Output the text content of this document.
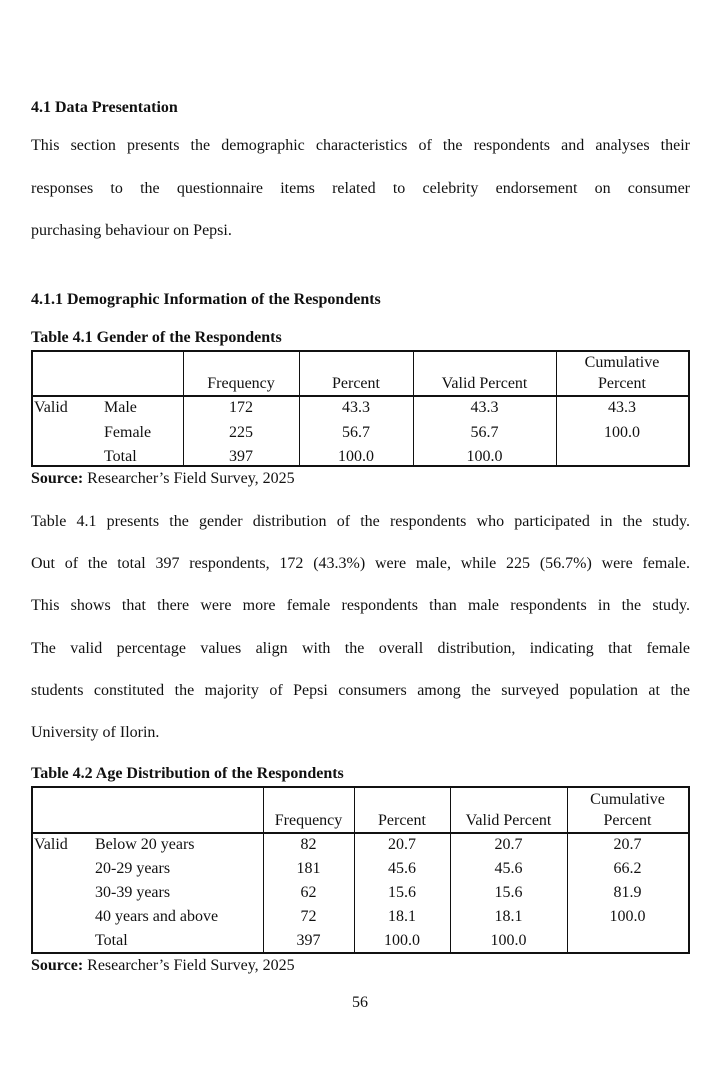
4.1 Data Presentation
This section presents the demographic characteristics of the respondents and analyses their
responses to the questionnaire items related to celebrity endorsement on consumer
purchasing behaviour on Pepsi.
4.1.1 Demographic Information of the Respondents
Table 4.1 Gender of the Respondents
Frequency	Percent	Valid Percent
Cumulative
Percent
Valid Male	172	43.3	43.3	43.3
Female	225	56.7	56.7	100.0
Total	397	100.0	100.0
Source: Researcher’s Field Survey, 2025
Table 4.1 presents the gender distribution of the respondents who participated in the study.
Out of the total 397 respondents, 172 (43.3%) were male, while 225 (56.7%) were female.
This shows that there were more female respondents than male respondents in the study.
The valid percentage values align with the overall distribution, indicating that female
students constituted the majority of Pepsi consumers among the surveyed population at the
University of Ilorin.
Table 4.2 Age Distribution of the Respondents
Frequency	Percent	Valid Percent
Cumulative
Percent
Valid Below 20 years	82	20.7	20.7	20.7
20-29 years	181	45.6	45.6	66.2
30-39 years	62	15.6	15.6	81.9
40 years and above	72	18.1	18.1	100.0
Total	397	100.0	100.0
Source: Researcher’s Field Survey, 2025
56
